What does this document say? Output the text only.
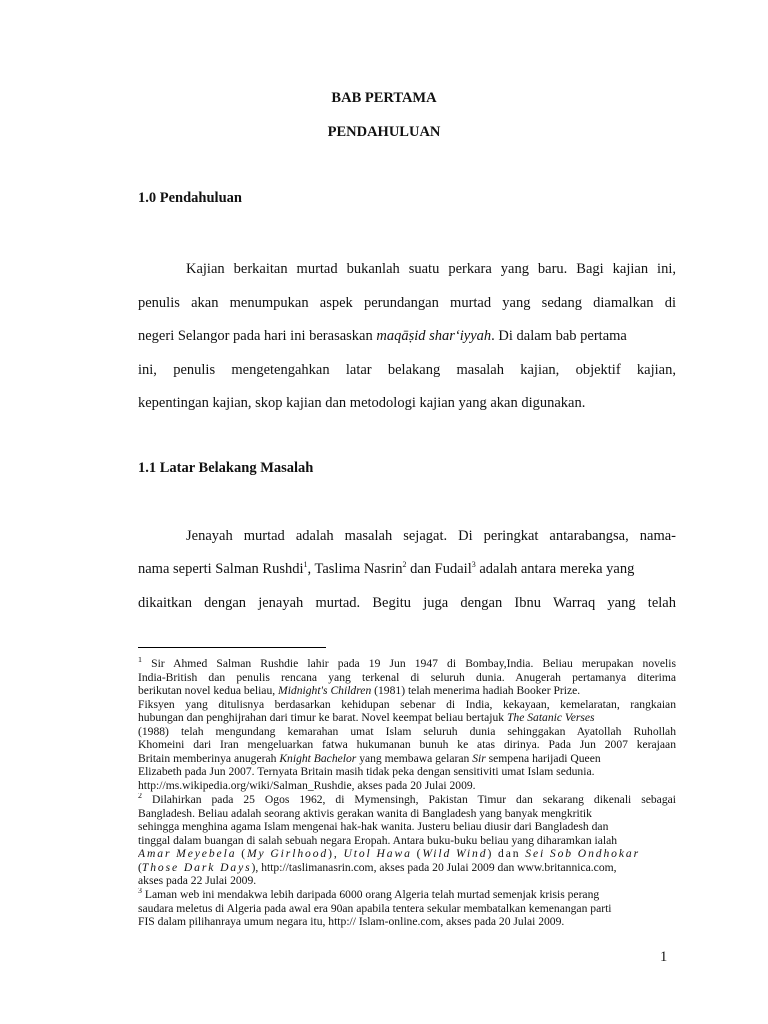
BAB PERTAMA
PENDAHULUAN
1.0 Pendahuluan
Kajian berkaitan murtad bukanlah suatu perkara yang baru. Bagi kajian ini,
penulis akan menumpukan aspek perundangan murtad yang sedang diamalkan di
negeri Selangor pada hari ini berasaskan maqāṣid shar‘iyyah. Di dalam bab pertama
ini, penulis mengetengahkan latar belakang masalah kajian, objektif kajian,
kepentingan kajian, skop kajian dan metodologi kajian yang akan digunakan.
1.1 Latar Belakang Masalah
Jenayah murtad adalah masalah sejagat. Di peringkat antarabangsa, nama-
nama seperti Salman Rushdi$^1$, Taslima Nasrin$^2$ dan Fudail$^3$ adalah antara mereka yang
dikaitkan dengan jenayah murtad. Begitu juga dengan Ibnu Warraq yang telah
$^1$ Sir Ahmed Salman Rushdie lahir pada 19 Jun 1947 di Bombay,India. Beliau merupakan novelis
India-British dan penulis rencana yang terkenal di seluruh dunia. Anugerah pertamanya diterima
berikutan novel kedua beliau, Midnight's Children (1981) telah menerima hadiah Booker Prize.
Fiksyen yang ditulisnya berdasarkan kehidupan sebenar di India, kekayaan, kemelaratan, rangkaian
hubungan dan penghijrahan dari timur ke barat. Novel keempat beliau bertajuk The Satanic Verses
(1988) telah mengundang kemarahan umat Islam seluruh dunia sehinggakan Ayatollah Ruhollah
Khomeini dari Iran mengeluarkan fatwa hukumanan bunuh ke atas dirinya. Pada Jun 2007 kerajaan
Britain memberinya anugerah Knight Bachelor yang membawa gelaran Sir sempena harijadi Queen
Elizabeth pada Jun 2007. Ternyata Britain masih tidak peka dengan sensitiviti umat Islam sedunia.
http://ms.wikipedia.org/wiki/Salman_Rushdie, akses pada 20 Julai 2009.
$^2$ Dilahirkan pada 25 Ogos 1962, di Mymensingh, Pakistan Timur dan sekarang dikenali sebagai
Bangladesh. Beliau adalah seorang aktivis gerakan wanita di Bangladesh yang banyak mengkritik
sehingga menghina agama Islam mengenai hak-hak wanita. Justeru beliau diusir dari Bangladesh dan
tinggal dalam buangan di salah sebuah negara Eropah. Antara buku-buku beliau yang diharamkan ialah
Amar Meyebela (My Girlhood), Utol Hawa (Wild Wind) dan Sei Sob Ondhokar
(Those Dark Days), http://taslimanasrin.com, akses pada 20 Julai 2009 dan www.britannica.com,
akses pada 22 Julai 2009.
$^3$ Laman web ini mendakwa lebih daripada 6000 orang Algeria telah murtad semenjak krisis perang
saudara meletus di Algeria pada awal era 90an apabila tentera sekular membatalkan kemenangan parti
FIS dalam pilihanraya umum negara itu, http:// Islam-online.com, akses pada 20 Julai 2009.
1
